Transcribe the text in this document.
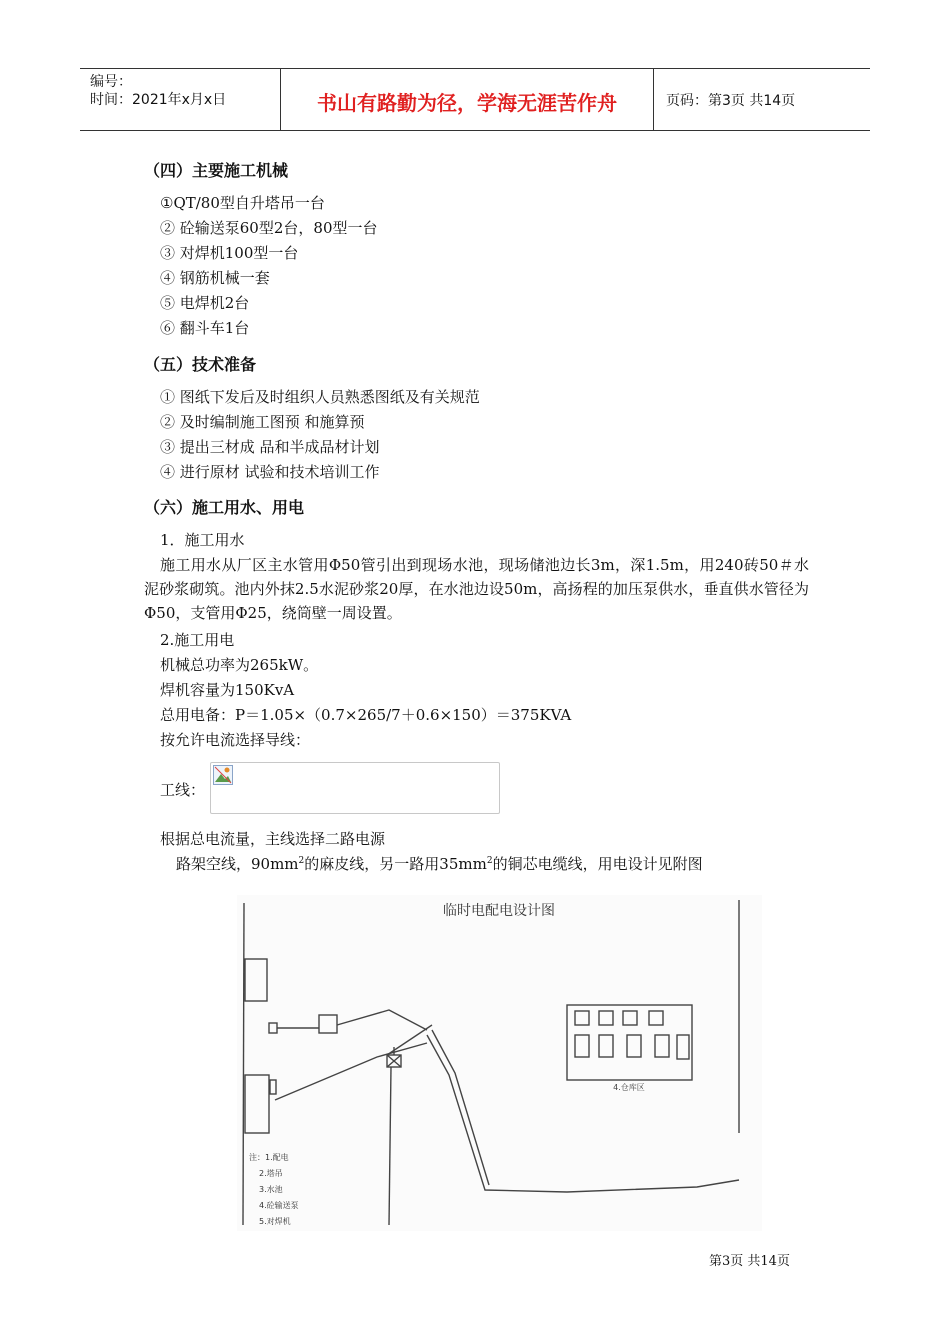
编号：
时间：2021年x月x日	书山有路勤为径，学海无涯苦作舟	页码：第3页 共14页
（四）主要施工机械
①QT/80型自升塔吊一台
② 砼输送泵60型2台，80型一台
③ 对焊机100型一台
④ 钢筋机械一套
⑤ 电焊机2台
⑥ 翻斗车1台
（五）技术准备
① 图纸下发后及时组织人员熟悉图纸及有关规范
② 及时编制施工图预 和施算预
③ 提出三材成 品和半成品材计划
④ 进行原材 试验和技术培训工作
（六）施工用水、用电
1．施工用水
施工用水从厂区主水管用Φ50管引出到现场水池，现场储池边长3m，深1.5m，用240砖50＃水泥砂浆砌筑。池内外抹2.5水泥砂浆20厚，在水池边设50m，高扬程的加压泵供水，垂直供水管径为Φ50，支管用Φ25，绕筒壁一周设置。
2.施工用电
机械总功率为265kW。
焊机容量为150KvA
总用电备：P＝1.05×（0.7×265/7＋0.6×150）＝375KVA
按允许电流选择导线：
工线：
根据总电流量，主线选择二路电源
路架空线，$90mm^2$的麻皮线，另一路用$35mm^2$的铜芯电缆线，用电设计见附图
临时电配电设计图
4.仓库区
注：1.配电
2.塔吊
3.水池
4.砼输送泵
5.对焊机
第3页 共14页
